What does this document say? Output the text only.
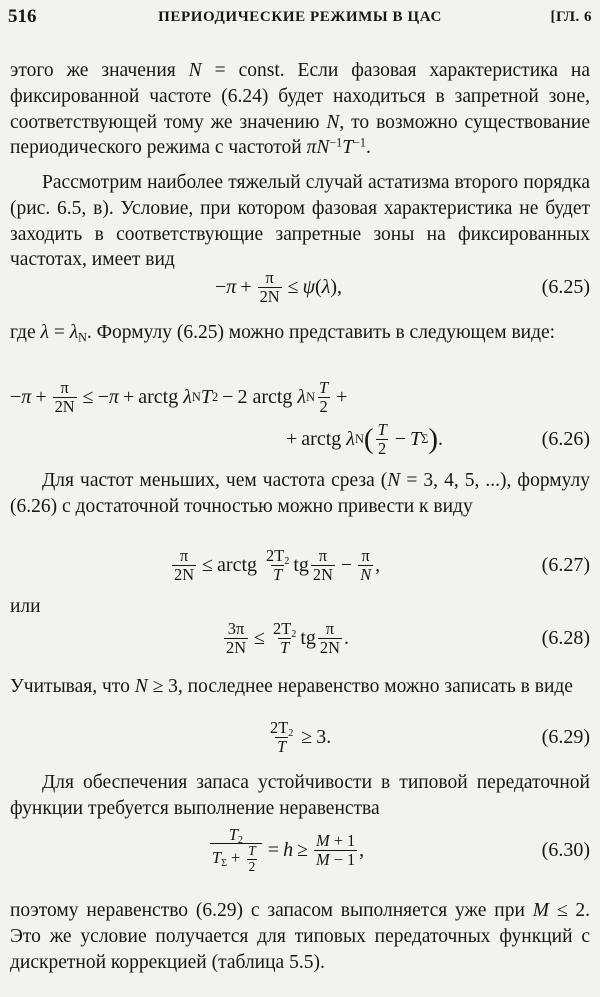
516	ПЕРИОДИЧЕСКИЕ РЕЖИМЫ В ЦАС	[ГЛ. 6
этого же значения N = const. Если фазовая характеристика на фиксированной частоте (6.24) будет находиться в запретной зоне, соответствующей тому же значению N, то возможно существование периодического режима с частотой $\pi N^{-1}T^{-1}$.
Рассмотрим наиболее тяжелый случай астатизма второго порядка (рис. 6.5, в). Условие, при котором фазовая характеристика не будет заходить в соответствующие запретные зоны на фиксированных частотах, имеет вид
− $\pi + \frac{\pi}{2N} \le \psi$ ( λ ),	(6.25)
где $\lambda = \lambda_N$. Формулу (6.25) можно представить в следующем виде:
− $\pi + \frac{\pi}{2N}$ ≤ − π + arctg
λ N T 2 − 2
arctg
λ N $\frac{T}{2}$ +
+ arctg
λ N ( $\frac{T}{2} - T$ Σ ) .	(6.26)
Для частот меньших, чем частота среза (N = 3, 4, 5, ...), формулу (6.26) с достаточной точностью можно привести к виду
$\frac{\pi}{2N}$ ≤ arctg
$\frac{2T_2}{T}$ tg $\frac{\pi}{2N} - \frac{\pi}{N}$ ,	(6.27)
или
$\frac{3\pi}{2N} \le \frac{2T_2}{T}$ tg $\frac{\pi}{2N}$ .	(6.28)
Учитывая, что N ≥ 3, последнее неравенство можно записать в виде
$\frac{2T_2}{T} \ge 3$ .	(6.29)
Для обеспечения запаса устойчивости в типовой передаточной функции требуется выполнение неравенства
$\frac{T_2}{T_\Sigma + \frac{T}{2}} = h \ge \frac{M + 1}{M - 1}$ ,	(6.30)
поэтому неравенство (6.29) с запасом выполняется уже при M ≤ 2. Это же условие получается для типовых передаточных функций с дискретной коррекцией (таблица 5.5).
